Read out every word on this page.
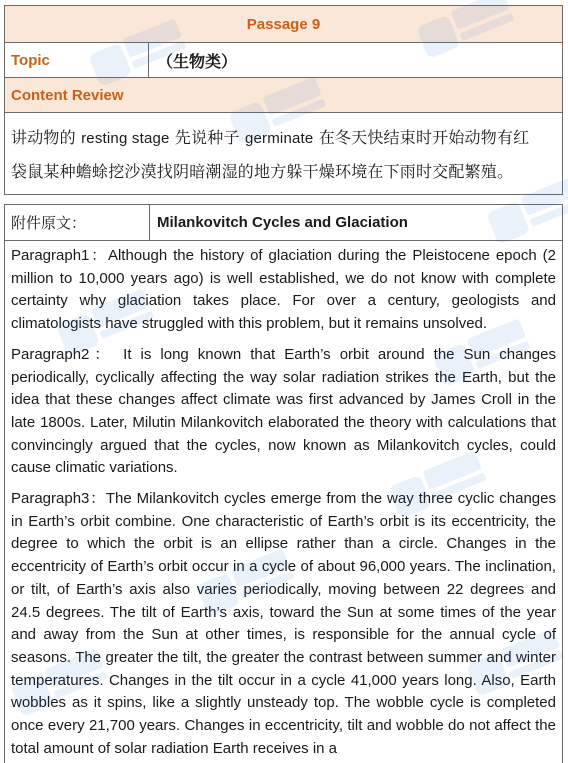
Passage 9
Topic	（生物类）
Content Review
讲动物的 resting stage 先说种子 germinate 在冬天快结束时开始动物有红
袋鼠某种蟾蜍挖沙漠找阴暗潮湿的地方躲干燥环境在下雨时交配繁殖。
附件原文：	Milankovitch Cycles and Glaciation

Paragraph1：Although the history of glaciation during the Pleistocene epoch (2 million to 10,000 years ago) is well established, we do not know with complete certainty why glaciation takes place. For over a century, geologists and climatologists have struggled with this problem, but it remains unsolved.

Paragraph2： It is long known that Earth’s orbit around the Sun changes periodically, cyclically affecting the way solar radiation strikes the Earth, but the idea that these changes affect climate was first advanced by James Croll in the late 1800s. Later, Milutin Milankovitch elaborated the theory with calculations that convincingly argued that the cycles, now known as Milankovitch cycles, could cause climatic variations.

Paragraph3：The Milankovitch cycles emerge from the way three cyclic changes in Earth’s orbit combine. One characteristic of Earth’s orbit is its eccentricity, the degree to which the orbit is an ellipse rather than a circle. Changes in the eccentricity of Earth’s orbit occur in a cycle of about 96,000 years. The inclination, or tilt, of Earth’s axis also varies periodically, moving between 22 degrees and 24.5 degrees. The tilt of Earth’s axis, toward the Sun at some times of the year and away from the Sun at other times, is responsible for the annual cycle of seasons. The greater the tilt, the greater the contrast between summer and winter temperatures. Changes in the tilt occur in a cycle 41,000 years long. Also, Earth wobbles as it spins, like a slightly unsteady top. The wobble cycle is completed once every 21,700 years. Changes in eccentricity, tilt and wobble do not affect the total amount of solar radiation Earth receives in a
